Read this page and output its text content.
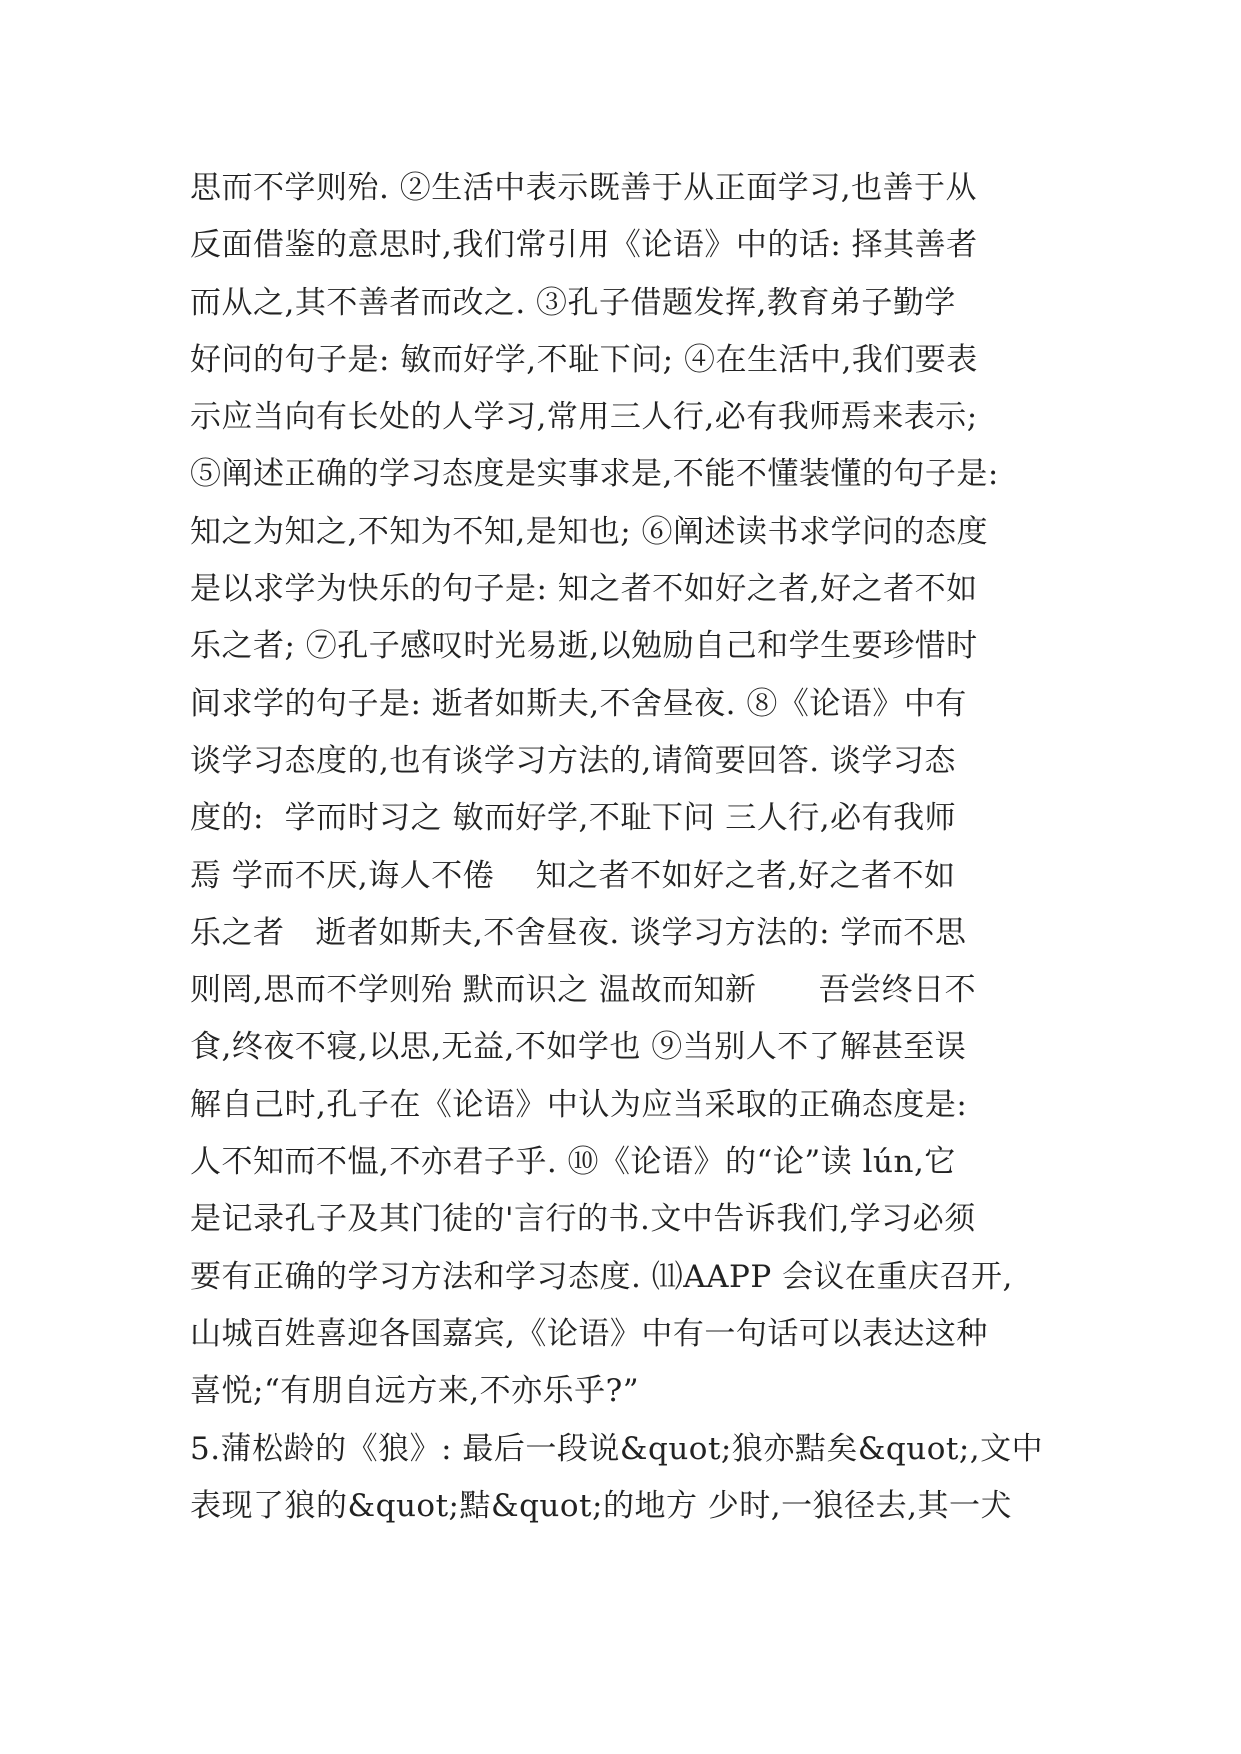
思而不学则殆. ②生活中表示既善于从正面学习,也善于从
反面借鉴的意思时,我们常引用《论语》中的话: 择其善者
而从之,其不善者而改之. ③孔子借题发挥,教育弟子勤学
好问的句子是: 敏而好学,不耻下问; ④在生活中,我们要表
示应当向有长处的人学习,常用三人行,必有我师焉来表示;
⑤阐述正确的学习态度是实事求是,不能不懂装懂的句子是:
知之为知之,不知为不知,是知也; ⑥阐述读书求学问的态度
是以求学为快乐的句子是: 知之者不如好之者,好之者不如
乐之者; ⑦孔子感叹时光易逝,以勉励自己和学生要珍惜时
间求学的句子是: 逝者如斯夫,不舍昼夜. ⑧《论语》中有
谈学习态度的,也有谈学习方法的,请简要回答. 谈学习态
度的:  学而时习之 敏而好学,不耻下问 三人行,必有我师
焉 学而不厌,诲人不倦    知之者不如好之者,好之者不如
乐之者   逝者如斯夫,不舍昼夜. 谈学习方法的: 学而不思
则罔,思而不学则殆 默而识之 温故而知新      吾尝终日不
食,终夜不寝,以思,无益,不如学也 ⑨当别人不了解甚至误
解自己时,孔子在《论语》中认为应当采取的正确态度是:
人不知而不愠,不亦君子乎. ⑩《论语》的“论”读 lún,它
是记录孔子及其门徒的'言行的书.文中告诉我们,学习必须
要有正确的学习方法和学习态度. ⑾AAPP 会议在重庆召开,
山城百姓喜迎各国嘉宾,《论语》中有一句话可以表达这种
喜悦;“有朋自远方来,不亦乐乎?”
5.蒲松龄的《狼》: 最后一段说&quot;狼亦黠矣&quot;,文中
表现了狼的&quot;黠&quot;的地方 少时,一狼径去,其一犬
